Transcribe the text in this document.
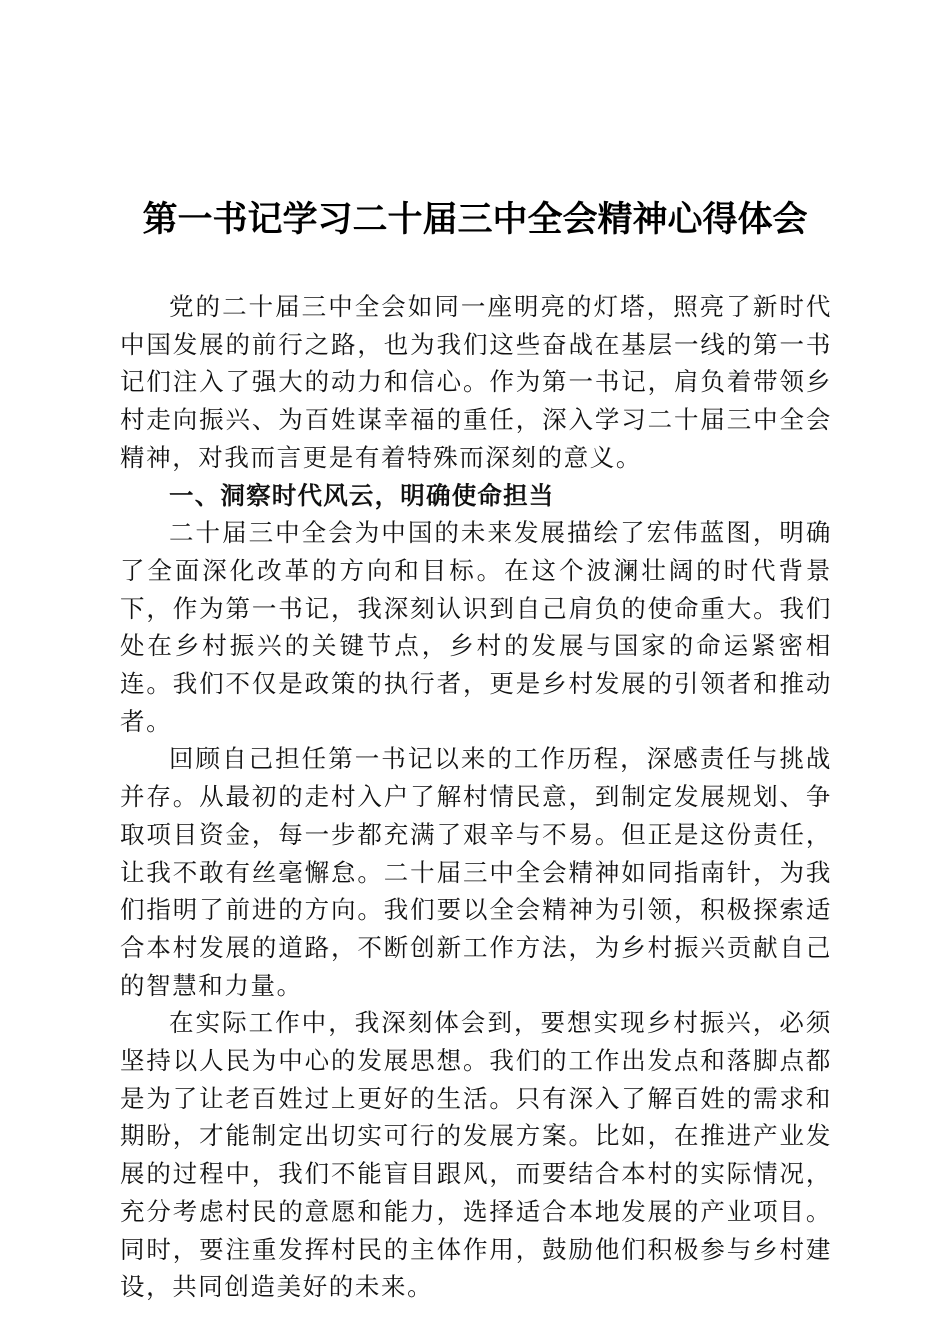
第一书记学习二十届三中全会精神心得体会

党的二十届三中全会如同一座明亮的灯塔，照亮了新时代中国发展的前行之路，也为我们这些奋战在基层一线的第一书记们注入了强大的动力和信心。作为第一书记，肩负着带领乡村走向振兴、为百姓谋幸福的重任，深入学习二十届三中全会精神，对我而言更是有着特殊而深刻的意义。

一、洞察时代风云，明确使命担当

二十届三中全会为中国的未来发展描绘了宏伟蓝图，明确了全面深化改革的方向和目标。在这个波澜壮阔的时代背景下，作为第一书记，我深刻认识到自己肩负的使命重大。我们处在乡村振兴的关键节点，乡村的发展与国家的命运紧密相连。我们不仅是政策的执行者，更是乡村发展的引领者和推动者。

回顾自己担任第一书记以来的工作历程，深感责任与挑战并存。从最初的走村入户了解村情民意，到制定发展规划、争取项目资金，每一步都充满了艰辛与不易。但正是这份责任，让我不敢有丝毫懈怠。二十届三中全会精神如同指南针，为我们指明了前进的方向。我们要以全会精神为引领，积极探索适合本村发展的道路，不断创新工作方法，为乡村振兴贡献自己的智慧和力量。

在实际工作中，我深刻体会到，要想实现乡村振兴，必须坚持以人民为中心的发展思想。我们的工作出发点和落脚点都是为了让老百姓过上更好的生活。只有深入了解百姓的需求和期盼，才能制定出切实可行的发展方案。比如，在推进产业发展的过程中，我们不能盲目跟风，而要结合本村的实际情况，充分考虑村民的意愿和能力，选择适合本地发展的产业项目。同时，要注重发挥村民的主体作用，鼓励他们积极参与乡村建设，共同创造美好的未来。
